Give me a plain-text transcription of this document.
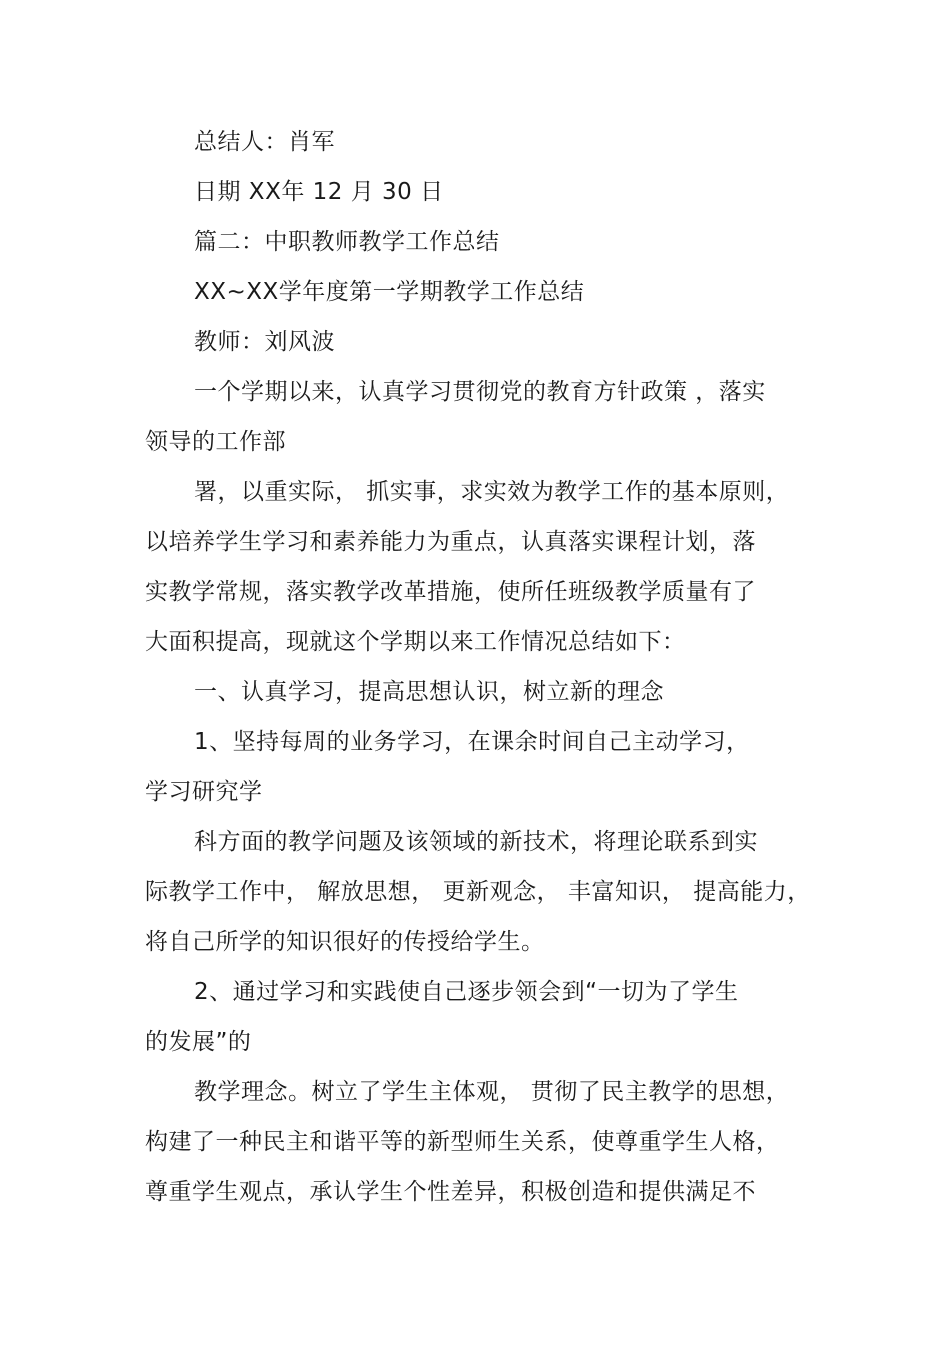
总结人：肖军
日期 XX年 12 月 30 日
篇二：中职教师教学工作总结
XX~XX学年度第一学期教学工作总结
教师：刘风波
一个学期以来，认真学习贯彻党的教育方针政策 ，落实
领导的工作部
署，以重实际， 抓实事，求实效为教学工作的基本原则，
以培养学生学习和素养能力为重点，认真落实课程计划，落
实教学常规，落实教学改革措施，使所任班级教学质量有了
大面积提高，现就这个学期以来工作情况总结如下：
一、认真学习，提高思想认识，树立新的理念
1、坚持每周的业务学习，在课余时间自己主动学习，
学习研究学
科方面的教学问题及该领域的新技术，将理论联系到实
际教学工作中， 解放思想， 更新观念， 丰富知识， 提高能力，
将自己所学的知识很好的传授给学生。
2、通过学习和实践使自己逐步领会到“一切为了学生
的发展”的
教学理念。树立了学生主体观， 贯彻了民主教学的思想，
构建了一种民主和谐平等的新型师生关系，使尊重学生人格，
尊重学生观点，承认学生个性差异，积极创造和提供满足不
